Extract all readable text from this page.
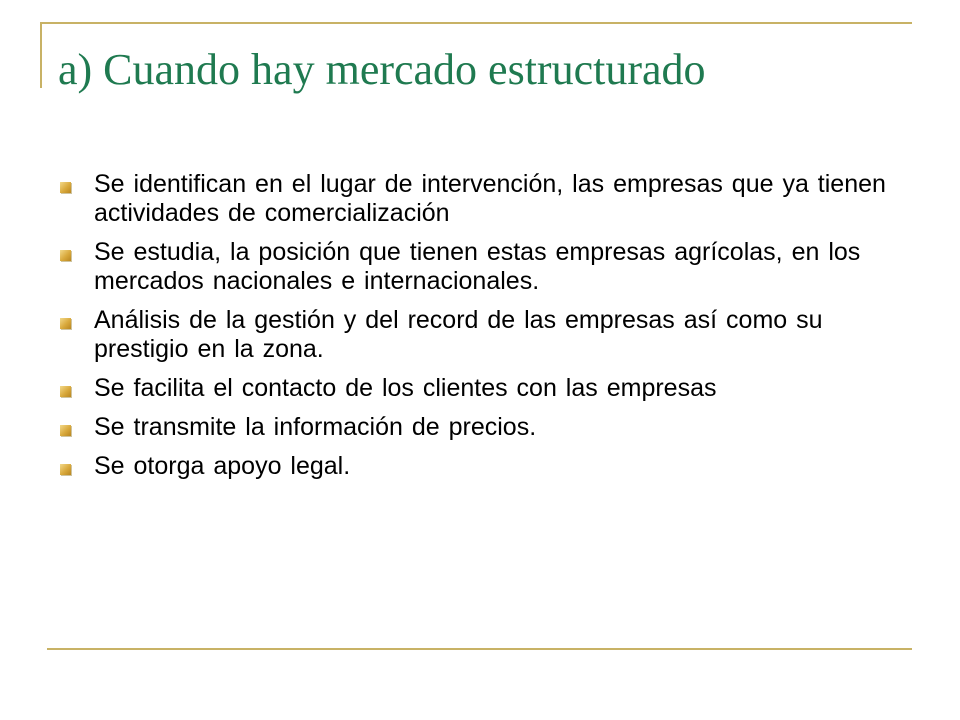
a) Cuando hay mercado estructurado
Se identifican en el lugar de intervención, las empresas que ya tienen actividades de comercialización
Se estudia, la posición que tienen estas empresas agrícolas, en los mercados nacionales e internacionales.
Análisis de la gestión y del record de las empresas así como su prestigio en la zona.
Se facilita el contacto de los clientes con las empresas
Se transmite la información de precios.
Se otorga apoyo legal.
